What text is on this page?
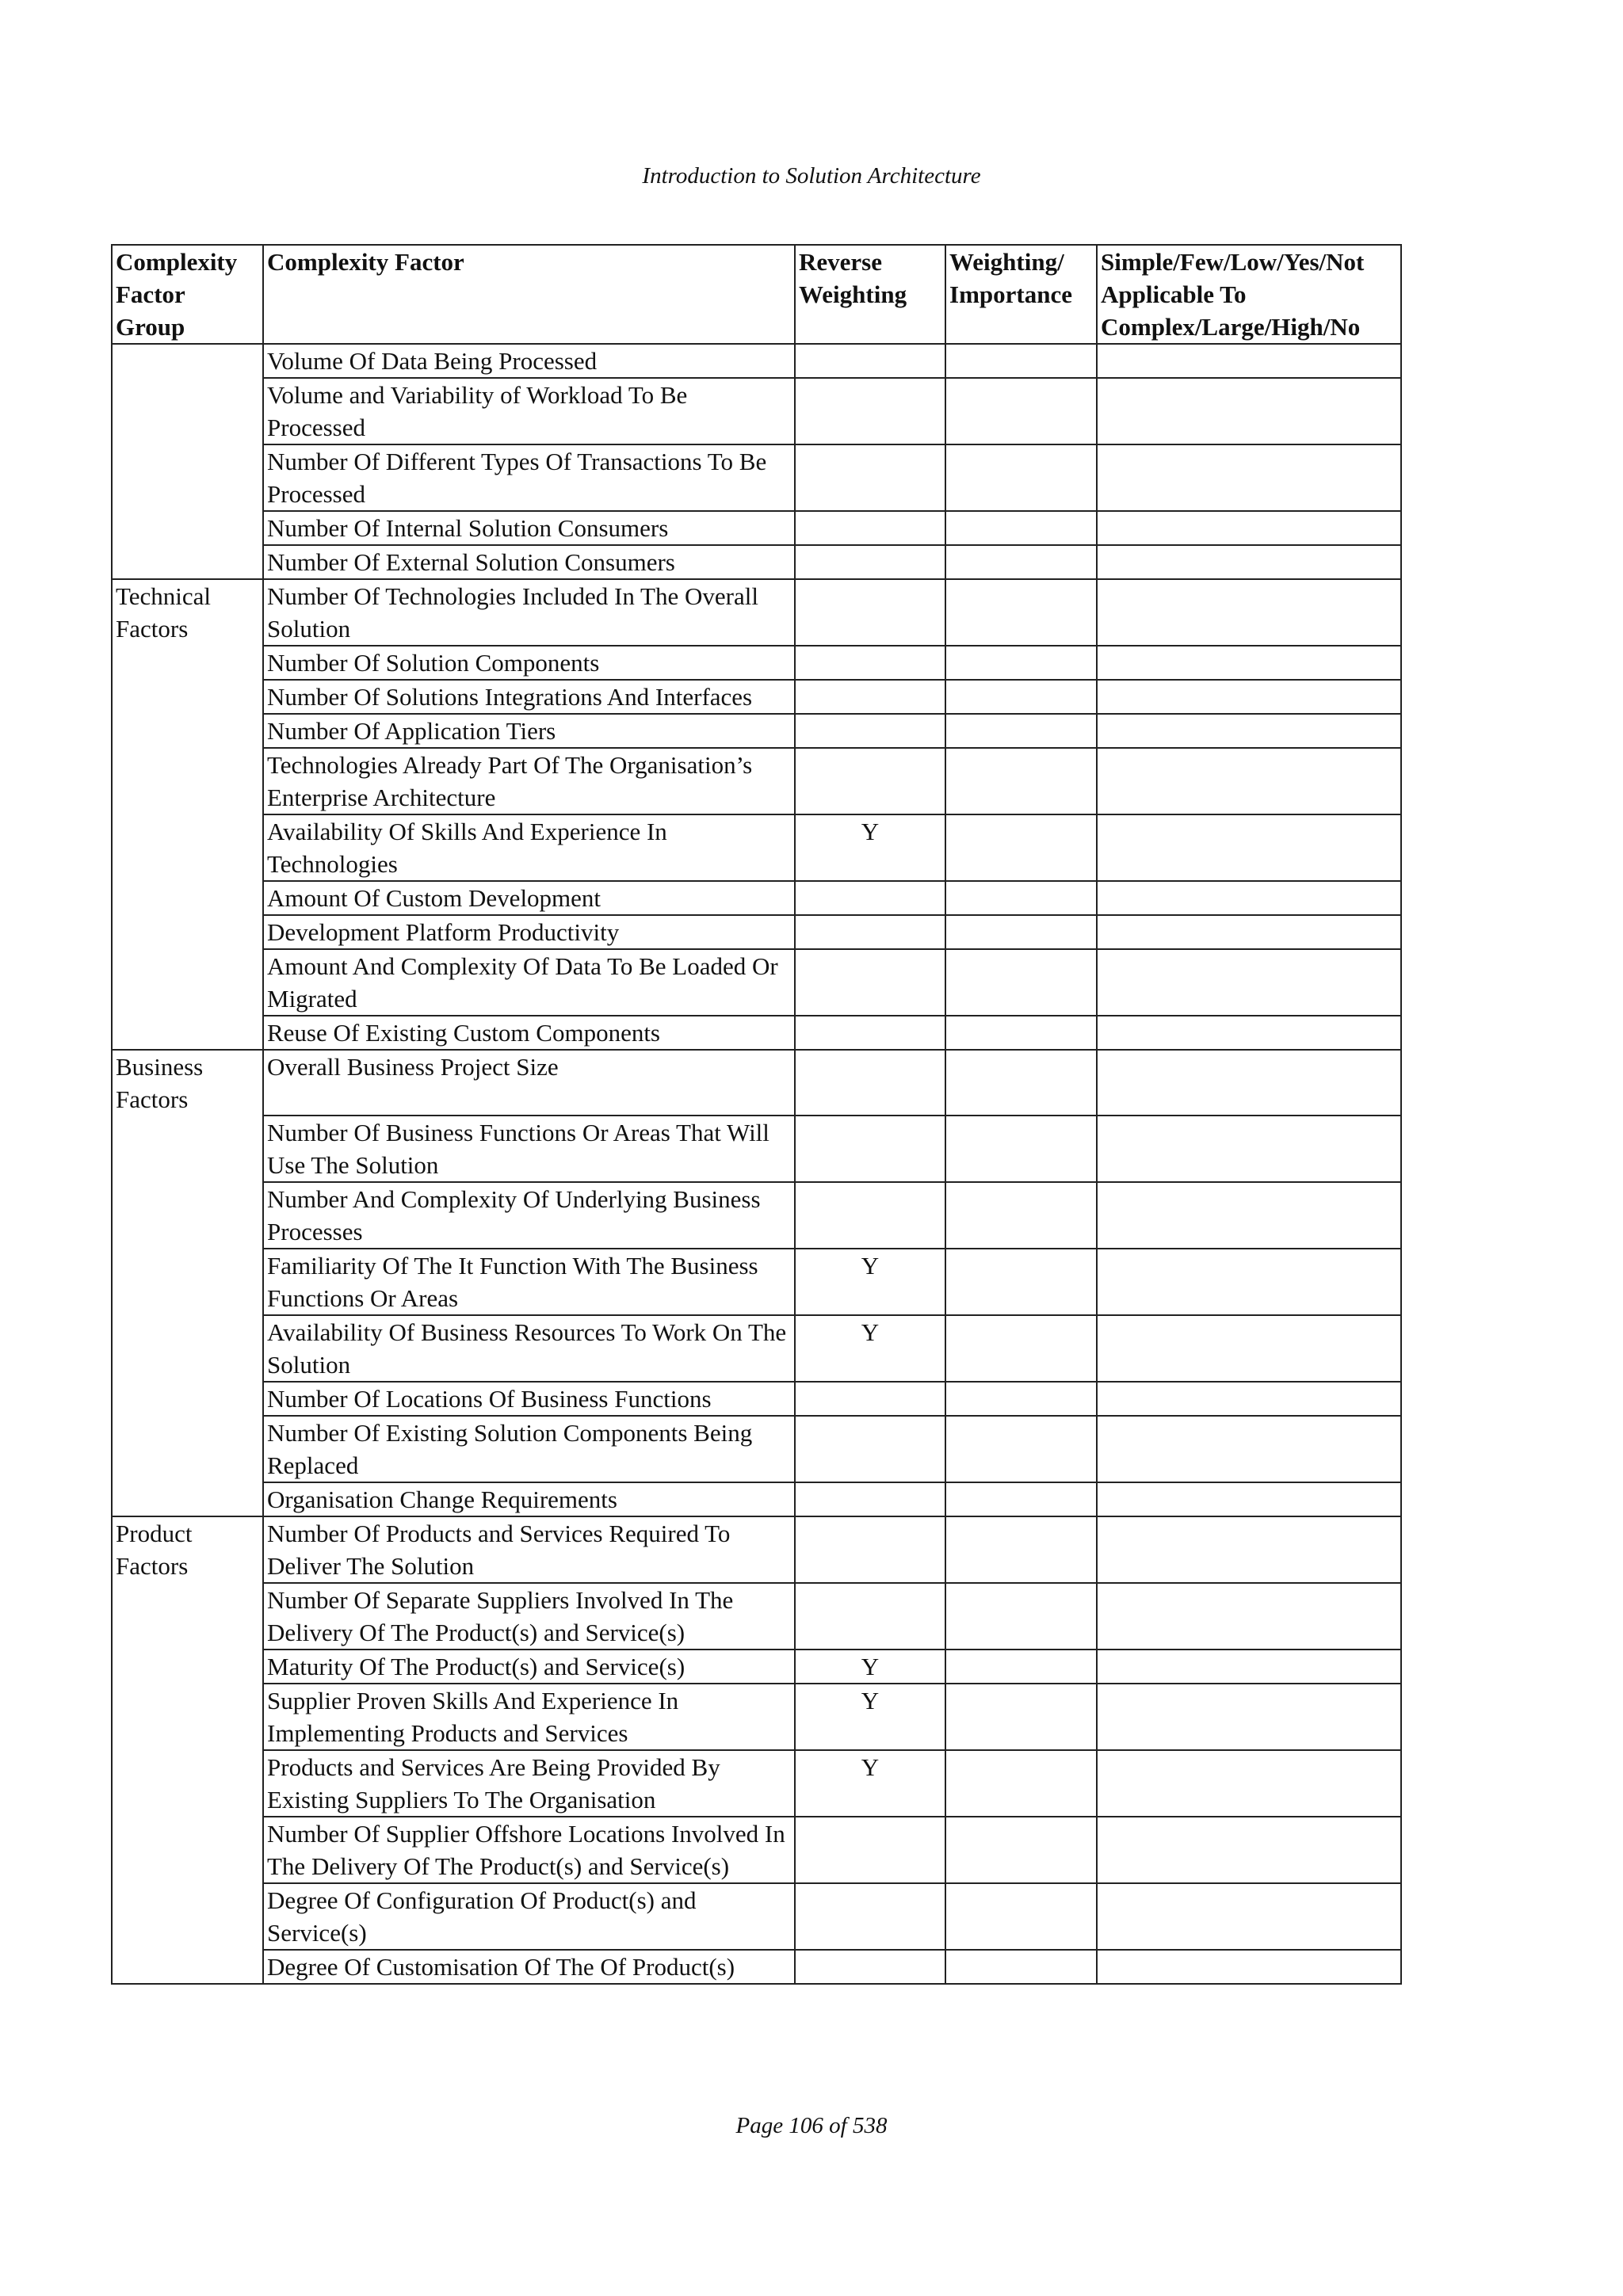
Introduction to Solution Architecture
Complexity Factor Group	Complexity Factor	Reverse Weighting	Weighting/ Importance	Simple/Few/Low/Yes/Not Applicable To Complex/Large/High/No
	Volume Of Data Being Processed			
	Volume and Variability of Workload To Be Processed			
	Number Of Different Types Of Transactions To Be Processed			
	Number Of Internal Solution Consumers			
	Number Of External Solution Consumers			
Technical Factors	Number Of Technologies Included In The Overall Solution			
	Number Of Solution Components			
	Number Of Solutions Integrations And Interfaces			
	Number Of Application Tiers			
	Technologies Already Part Of The Organisation’s Enterprise Architecture			
	Availability Of Skills And Experience In Technologies	Y		
	Amount Of Custom Development			
	Development Platform Productivity			
	Amount And Complexity Of Data To Be Loaded Or Migrated			
	Reuse Of Existing Custom Components			
Business Factors	Overall Business Project Size			
	Number Of Business Functions Or Areas That Will Use The Solution			
	Number And Complexity Of Underlying Business Processes			
	Familiarity Of The It Function With The Business Functions Or Areas	Y		
	Availability Of Business Resources To Work On The Solution	Y		
	Number Of Locations Of Business Functions			
	Number Of Existing Solution Components Being Replaced			
	Organisation Change Requirements			
Product Factors	Number Of Products and Services Required To Deliver The Solution			
	Number Of Separate Suppliers Involved In The Delivery Of The Product(s) and Service(s)			
	Maturity Of The Product(s) and Service(s)	Y		
	Supplier Proven Skills And Experience In Implementing Products and Services	Y		
	Products and Services Are Being Provided By Existing Suppliers To The Organisation	Y		
	Number Of Supplier Offshore Locations Involved In The Delivery Of The Product(s) and Service(s)			
	Degree Of Configuration Of Product(s) and Service(s)			
	Degree Of Customisation Of The Of Product(s)			
Page 106 of 538
